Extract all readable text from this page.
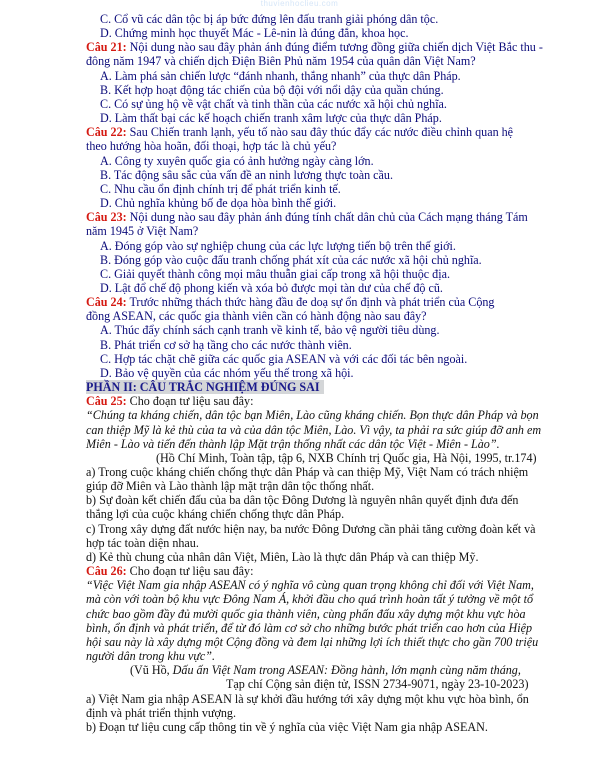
thuvienhoclieu.com
C. Cổ vũ các dân tộc bị áp bức đứng lên đấu tranh giải phóng dân tộc.
D. Chứng minh học thuyết Mác - Lê-nin là đúng đắn, khoa học.
Câu 21: Nội dung nào sau đây phản ánh đúng điểm tương đồng giữa chiến dịch Việt Bắc thu -
đông năm 1947 và chiến dịch Điện Biên Phủ năm 1954 của quân dân Việt Nam?
A. Làm phá sản chiến lược “đánh nhanh, thắng nhanh” của thực dân Pháp.
B. Kết hợp hoạt động tác chiến của bộ đội với nổi dậy của quần chúng.
C. Có sự ủng hộ về vật chất và tinh thần của các nước xã hội chủ nghĩa.
D. Làm thất bại các kế hoạch chiến tranh xâm lược của thực dân Pháp.
Câu 22: Sau Chiến tranh lạnh, yếu tố nào sau đây thúc đẩy các nước điều chỉnh quan hệ
theo hướng hòa hoãn, đối thoại, hợp tác là chủ yếu?
A. Công ty xuyên quốc gia có ảnh hưởng ngày càng lớn.
B. Tác động sâu sắc của vấn đề an ninh lương thực toàn cầu.
C. Nhu cầu ổn định chính trị để phát triển kinh tế.
D. Chủ nghĩa khủng bố đe dọa hòa bình thế giới.
Câu 23: Nội dung nào sau đây phản ánh đúng tính chất dân chủ của Cách mạng tháng Tám
năm 1945 ở Việt Nam?
A. Đóng góp vào sự nghiệp chung của các lực lượng tiến bộ trên thế giới.
B. Đóng góp vào cuộc đấu tranh chống phát xít của các nước xã hội chủ nghĩa.
C. Giải quyết thành công mọi mâu thuẫn giai cấp trong xã hội thuộc địa.
D. Lật đổ chế độ phong kiến và xóa bỏ được mọi tàn dư của chế độ cũ.
Câu 24: Trước những thách thức hàng đầu đe doạ sự ổn định và phát triển của Cộng
đồng ASEAN, các quốc gia thành viên cần có hành động nào sau đây?
A. Thúc đẩy chính sách cạnh tranh về kinh tế, bảo vệ người tiêu dùng.
B. Phát triển cơ sở hạ tầng cho các nước thành viên.
C. Hợp tác chặt chẽ giữa các quốc gia ASEAN và với các đối tác bên ngoài.
D. Bảo vệ quyền của các nhóm yếu thế trong xã hội.
PHẦN II: CÂU TRẮC NGHIỆM ĐÚNG SAI
Câu 25: Cho đoạn tư liệu sau đây:
“Chúng ta kháng chiến, dân tộc bạn Miên, Lào cũng kháng chiến. Bọn thực dân Pháp và bọn
can thiệp Mỹ là kẻ thù của ta và của dân tộc Miên, Lào. Vì vậy, ta phải ra sức giúp đỡ anh em
Miên - Lào và tiến đến thành lập Mặt trận thống nhất các dân tộc Việt - Miên - Lào”.
(Hồ Chí Minh, Toàn tập, tập 6, NXB Chính trị Quốc gia, Hà Nội, 1995, tr.174)
a) Trong cuộc kháng chiến chống thực dân Pháp và can thiệp Mỹ, Việt Nam có trách nhiệm
giúp đỡ Miên và Lào thành lập mặt trận dân tộc thống nhất.
b) Sự đoàn kết chiến đấu của ba dân tộc Đông Dương là nguyên nhân quyết định đưa đến
thắng lợi của cuộc kháng chiến chống thực dân Pháp.
c) Trong xây dựng đất nước hiện nay, ba nước Đông Dương cần phải tăng cường đoàn kết và
hợp tác toàn diện nhau.
d) Kẻ thù chung của nhân dân Việt, Miên, Lào là thực dân Pháp và can thiệp Mỹ.
Câu 26: Cho đoạn tư liệu sau đây:
“Việc Việt Nam gia nhập ASEAN có ý nghĩa vô cùng quan trọng không chỉ đối với Việt Nam,
mà còn với toàn bộ khu vực Đông Nam Á, khởi đầu cho quá trình hoàn tất ý tưởng về một tổ
chức bao gồm đầy đủ mười quốc gia thành viên, cùng phấn đấu xây dựng một khu vực hòa
bình, ổn định và phát triển, để từ đó làm cơ sở cho những bước phát triển cao hơn của Hiệp
hội sau này là xây dựng một Cộng đồng và đem lại những lợi ích thiết thực cho gần 700 triệu
người dân trong khu vực”.
(Vũ Hồ, Dấu ấn Việt Nam trong ASEAN: Đồng hành, lớn mạnh cùng năm tháng,
Tạp chí Cộng sản điện tử, ISSN 2734-9071, ngày 23-10-2023)
a) Việt Nam gia nhập ASEAN là sự khởi đầu hướng tới xây dựng một khu vực hòa bình, ổn
định và phát triển thịnh vượng.
b) Đoạn tư liệu cung cấp thông tin về ý nghĩa của việc Việt Nam gia nhập ASEAN.
